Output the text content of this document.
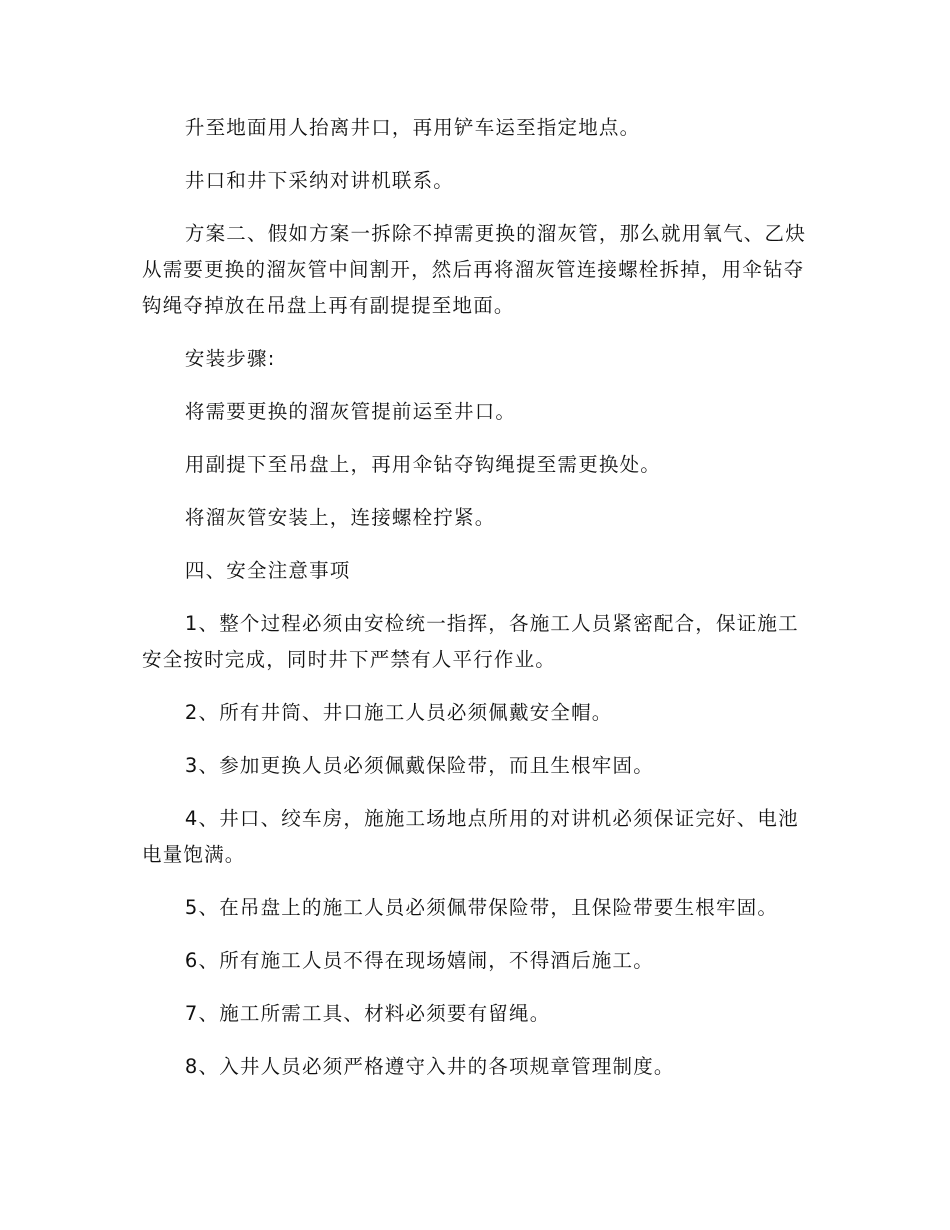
升至地面用人抬离井口，再用铲车运至指定地点。

井口和井下采纳对讲机联系。

方案二、假如方案一拆除不掉需更换的溜灰管，那么就用氧气、乙炔从需要更换的溜灰管中间割开，然后再将溜灰管连接螺栓拆掉，用伞钻夺钩绳夺掉放在吊盘上再有副提提至地面。

安装步骤:

将需要更换的溜灰管提前运至井口。

用副提下至吊盘上，再用伞钻夺钩绳提至需更换处。

将溜灰管安装上，连接螺栓拧紧。

四、安全注意事项

1、整个过程必须由安检统一指挥，各施工人员紧密配合，保证施工安全按时完成，同时井下严禁有人平行作业。

2、所有井筒、井口施工人员必须佩戴安全帽。

3、参加更换人员必须佩戴保险带，而且生根牢固。

4、井口、绞车房，施施工场地点所用的对讲机必须保证完好、电池电量饱满。

5、在吊盘上的施工人员必须佩带保险带，且保险带要生根牢固。

6、所有施工人员不得在现场嬉闹，不得酒后施工。

7、施工所需工具、材料必须要有留绳。

8、入井人员必须严格遵守入井的各项规章管理制度。
